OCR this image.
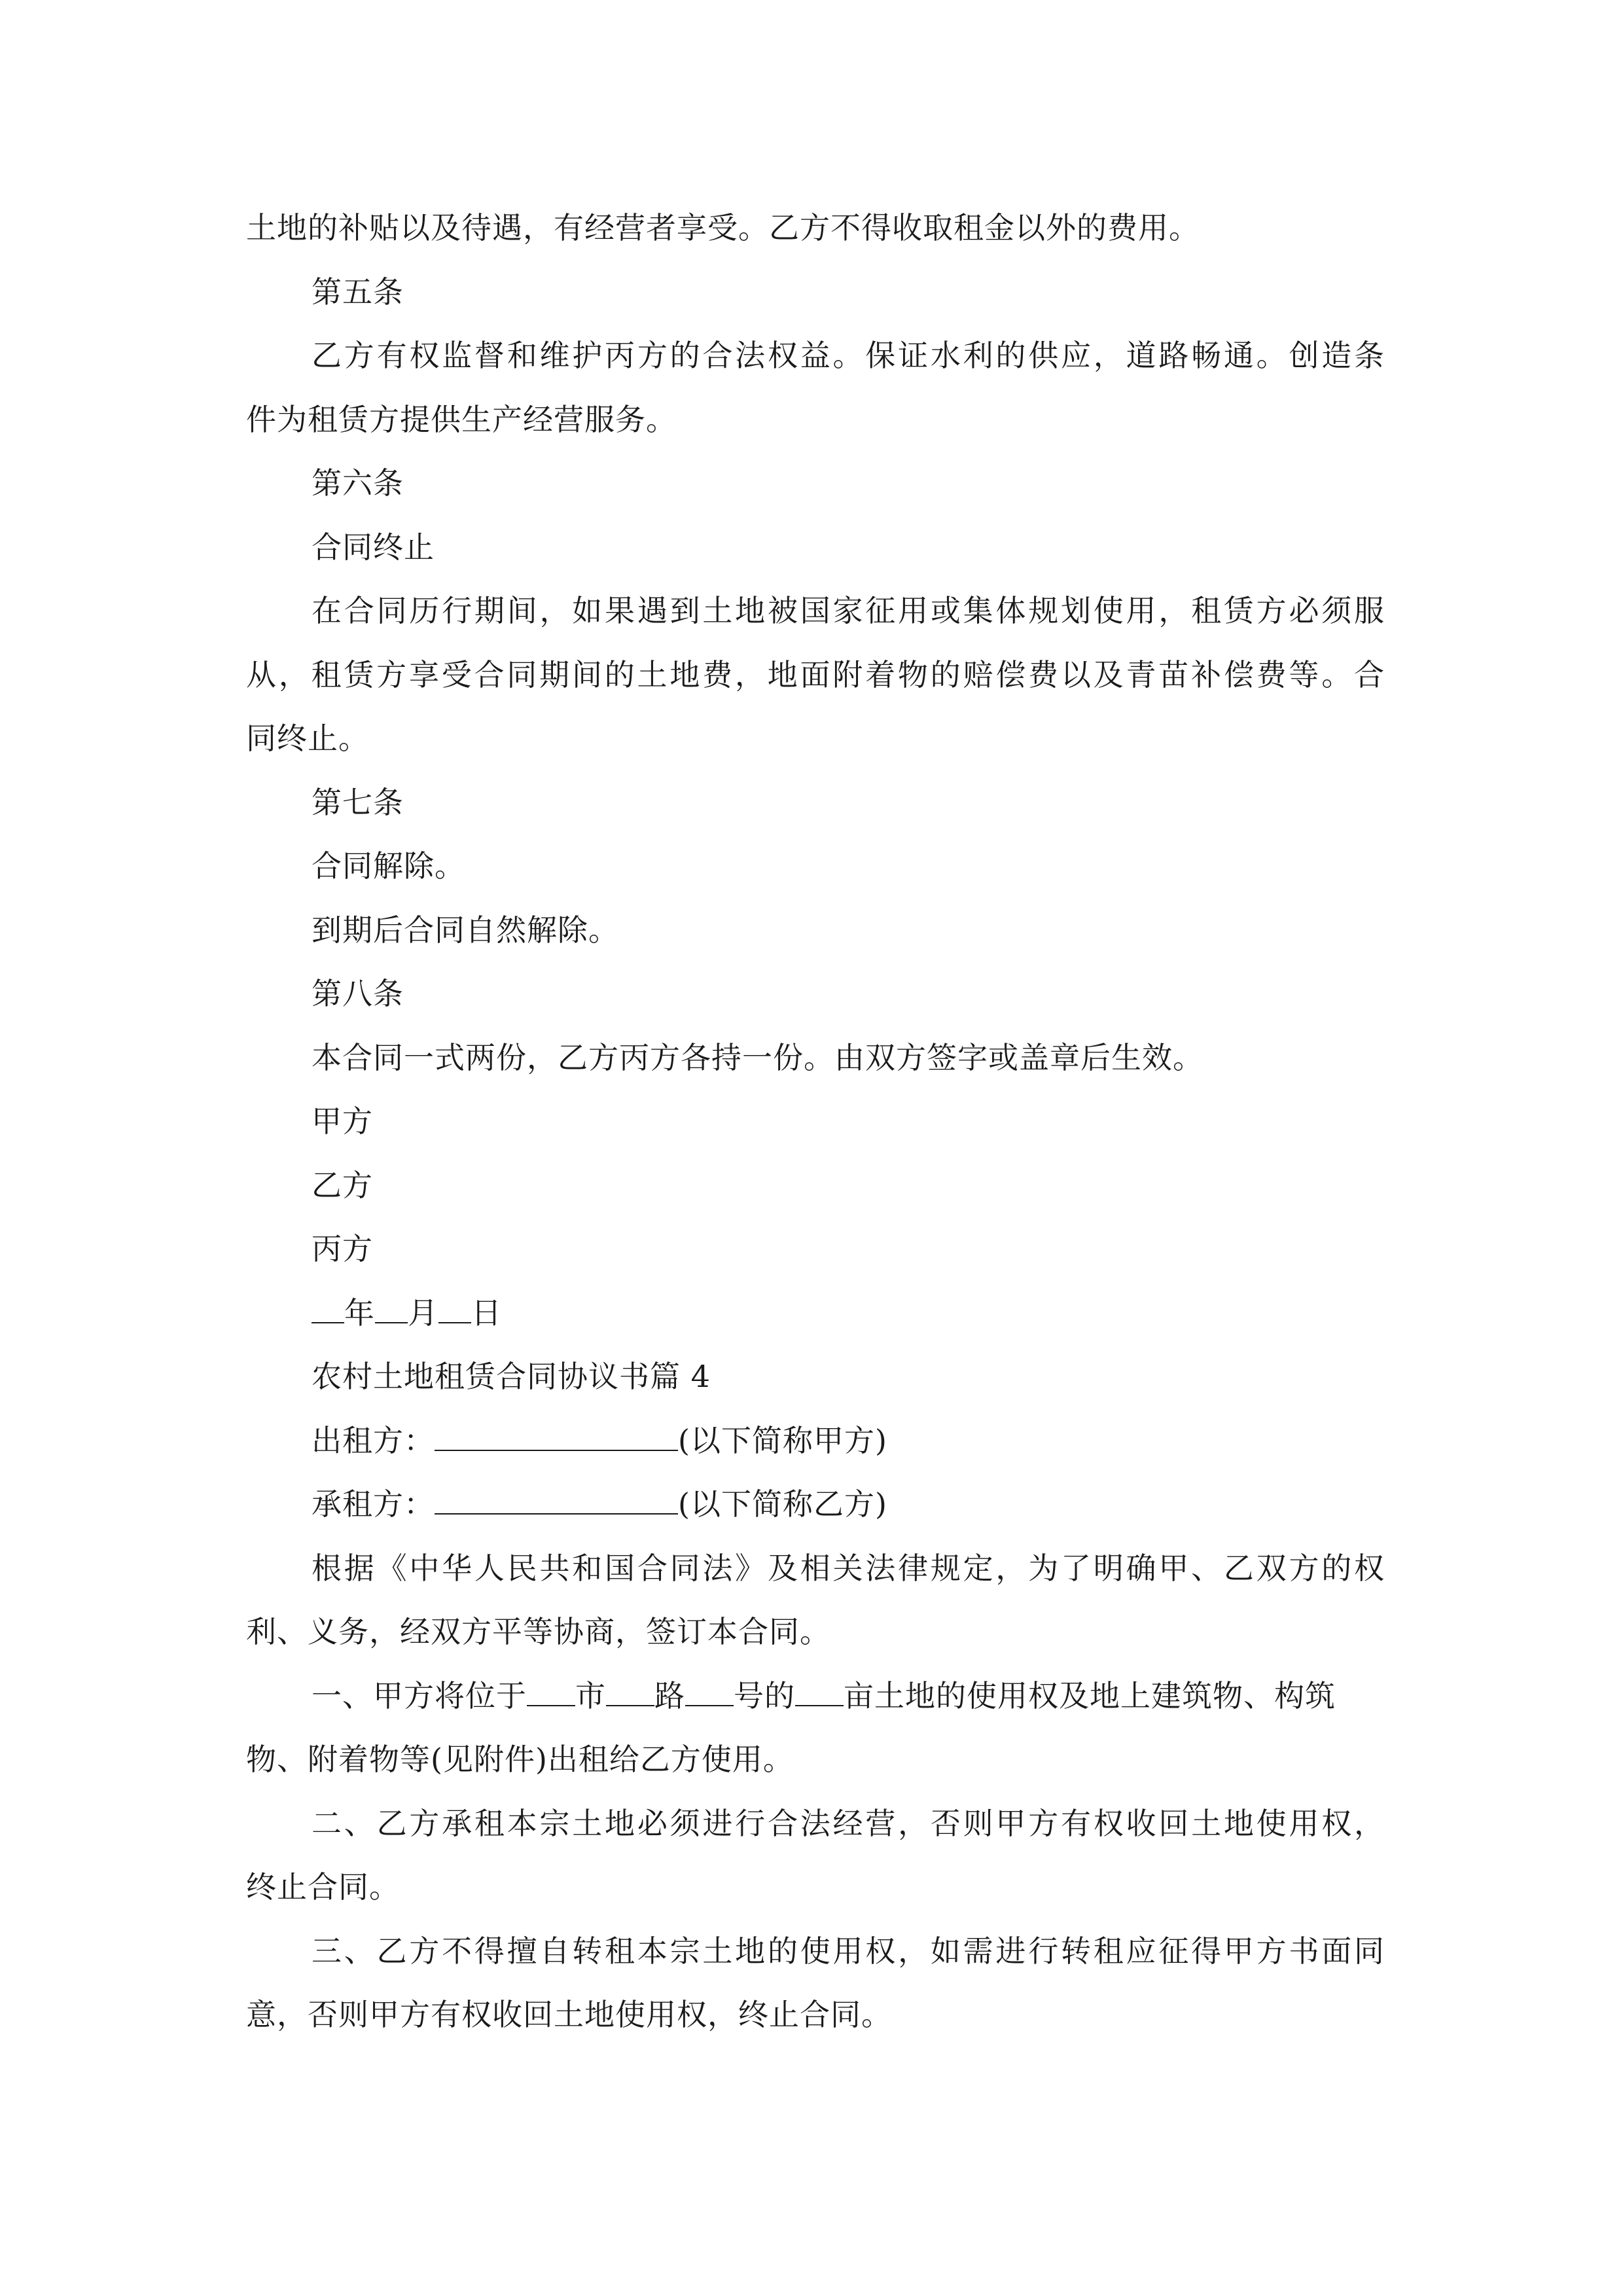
土地的补贴以及待遇，有经营者享受。乙方不得收取租金以外的费用。
第五条
乙方有权监督和维护丙方的合法权益。保证水利的供应，道路畅通。创造条
件为租赁方提供生产经营服务。
第六条
合同终止
在合同历行期间，如果遇到土地被国家征用或集体规划使用，租赁方必须服
从，租赁方享受合同期间的土地费，地面附着物的赔偿费以及青苗补偿费等。合
同终止。
第七条
合同解除。
到期后合同自然解除。
第八条
本合同一式两份，乙方丙方各持一份。由双方签字或盖章后生效。
甲方
乙方
丙方
年 月 日
农村土地租赁合同协议书篇 4
出租方：	(以下简称甲方)
承租方：	(以下简称乙方)
根据《中华人民共和国合同法》及相关法律规定，为了明确甲、乙双方的权
利、义务，经双方平等协商，签订本合同。
一、甲方将位于 市 路 号的 亩土地的使用权及地上建筑物、构筑
物、附着物等(见附件)出租给乙方使用。
二、乙方承租本宗土地必须进行合法经营，否则甲方有权收回土地使用权，
终止合同。
三、乙方不得擅自转租本宗土地的使用权，如需进行转租应征得甲方书面同
意，否则甲方有权收回土地使用权，终止合同。
